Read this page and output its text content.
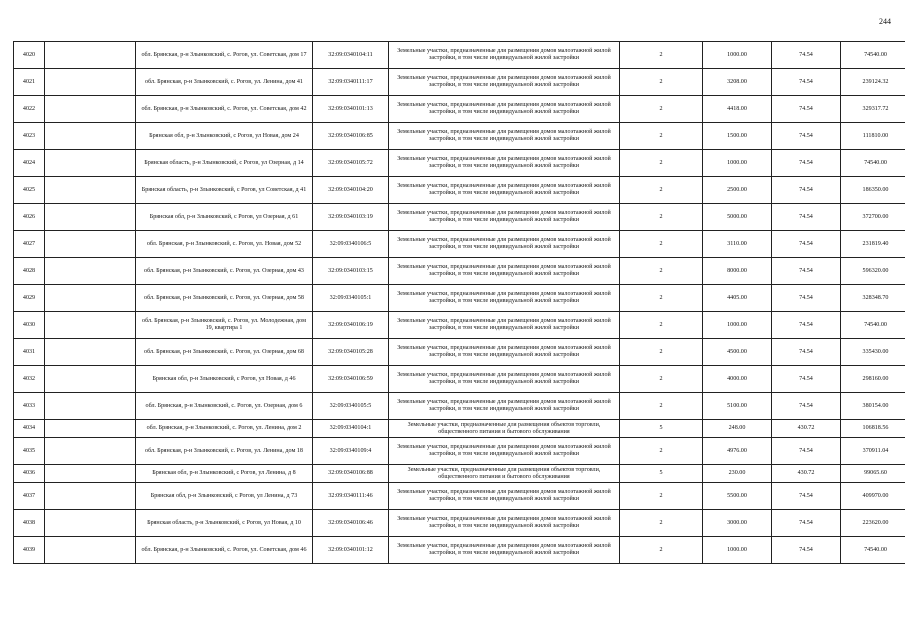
244
4020		обл. Брянская, р-н Злынковский, с. Рогов, ул. Советская, дом 17	32:09:0340104:11	Земельные участки, предназначенные для размещения домов малоэтажной жилой застройки, в том числе индивидуальной жилой застройки	2	1000.00	74.54	74540.00
4021		обл. Брянская, р-н Злынковский, с. Рогов, ул. Ленина, дом 41	32:09:0340111:17	Земельные участки, предназначенные для размещения домов малоэтажной жилой застройки, в том числе индивидуальной жилой застройки	2	3208.00	74.54	239124.32
4022		обл. Брянская, р-н Злынковский, с. Рогов, ул. Советская, дом 42	32:09:0340101:13	Земельные участки, предназначенные для размещения домов малоэтажной жилой застройки, в том числе индивидуальной жилой застройки	2	4418.00	74.54	329317.72
4023		Брянская обл, р-н Злынковский, с Рогов, ул Новая, дом 24	32:09:0340106:85	Земельные участки, предназначенные для размещения домов малоэтажной жилой застройки, в том числе индивидуальной жилой застройки	2	1500.00	74.54	111810.00
4024		Брянская область, р-н Злынковский, с Рогов, ул Озерная, д 14	32:09:0340105:72	Земельные участки, предназначенные для размещения домов малоэтажной жилой застройки, в том числе индивидуальной жилой застройки	2	1000.00	74.54	74540.00
4025		Брянская область, р-н Злынковский, с Рогов, ул Советская, д 41	32:09:0340104:20	Земельные участки, предназначенные для размещения домов малоэтажной жилой застройки, в том числе индивидуальной жилой застройки	2	2500.00	74.54	186350.00
4026		Брянская обл, р-н Злынковский, с Рогов, ул Озерная, д 61	32:09:0340103:19	Земельные участки, предназначенные для размещения домов малоэтажной жилой застройки, в том числе индивидуальной жилой застройки	2	5000.00	74.54	372700.00
4027		обл. Брянская, р-н Злынковский, с. Рогов, ул. Новая, дом 52	32:09:0340106:5	Земельные участки, предназначенные для размещения домов малоэтажной жилой застройки, в том числе индивидуальной жилой застройки	2	3110.00	74.54	231819.40
4028		обл. Брянская, р-н Злынковский, с. Рогов, ул. Озерная, дом 43	32:09:0340103:15	Земельные участки, предназначенные для размещения домов малоэтажной жилой застройки, в том числе индивидуальной жилой застройки	2	8000.00	74.54	596320.00
4029		обл. Брянская, р-н Злынковский, с. Рогов, ул. Озерная, дом 58	32:09:0340105:1	Земельные участки, предназначенные для размещения домов малоэтажной жилой застройки, в том числе индивидуальной жилой застройки	2	4405.00	74.54	328348.70
4030		обл. Брянская, р-н Злынковский, с. Рогов, ул. Молодежная, дом 19, квартира 1	32:09:0340106:19	Земельные участки, предназначенные для размещения домов малоэтажной жилой застройки, в том числе индивидуальной жилой застройки	2	1000.00	74.54	74540.00
4031		обл. Брянская, р-н Злынковский, с. Рогов, ул. Озерная, дом 68	32:09:0340105:28	Земельные участки, предназначенные для размещения домов малоэтажной жилой застройки, в том числе индивидуальной жилой застройки	2	4500.00	74.54	335430.00
4032		Брянская обл, р-н Злынковский, с Рогов, ул Новая, д 46	32:09:0340106:59	Земельные участки, предназначенные для размещения домов малоэтажной жилой застройки, в том числе индивидуальной жилой застройки	2	4000.00	74.54	298160.00
4033		обл. Брянская, р-н Злынковский, с. Рогов, ул. Озерная, дом 6	32:09:0340105:5	Земельные участки, предназначенные для размещения домов малоэтажной жилой застройки, в том числе индивидуальной жилой застройки	2	5100.00	74.54	380154.00
4034		обл. Брянская, р-н Злынковский, с. Рогов, ул. Ленина, дом 2	32:09:0340104:1	Земельные участки, предназначенные для размещения объектов торговли, общественного питания и бытового обслуживания	5	248.00	430.72	106818.56
4035		обл. Брянская, р-н Злынковский, с. Рогов, ул. Ленина, дом 18	32:09:0340109:4	Земельные участки, предназначенные для размещения домов малоэтажной жилой застройки, в том числе индивидуальной жилой застройки	2	4976.00	74.54	370911.04
4036		Брянская обл, р-н Злынковский, с Рогов, ул Ленина, д 8	32:09:0340106:88	Земельные участки, предназначенные для размещения объектов торговли, общественного питания и бытового обслуживания	5	230.00	430.72	99065.60
4037		Брянская обл, р-н Злынковский, с Рогов, ул Ленина, д 73	32:09:0340111:46	Земельные участки, предназначенные для размещения домов малоэтажной жилой застройки, в том числе индивидуальной жилой застройки	2	5500.00	74.54	409970.00
4038		Брянская область, р-н Злынковский, с Рогов, ул Новая, д 10	32:09:0340106:46	Земельные участки, предназначенные для размещения домов малоэтажной жилой застройки, в том числе индивидуальной жилой застройки	2	3000.00	74.54	223620.00
4039		обл. Брянская, р-н Злынковский, с. Рогов, ул. Советская, дом 46	32:09:0340101:12	Земельные участки, предназначенные для размещения домов малоэтажной жилой застройки, в том числе индивидуальной жилой застройки	2	1000.00	74.54	74540.00
